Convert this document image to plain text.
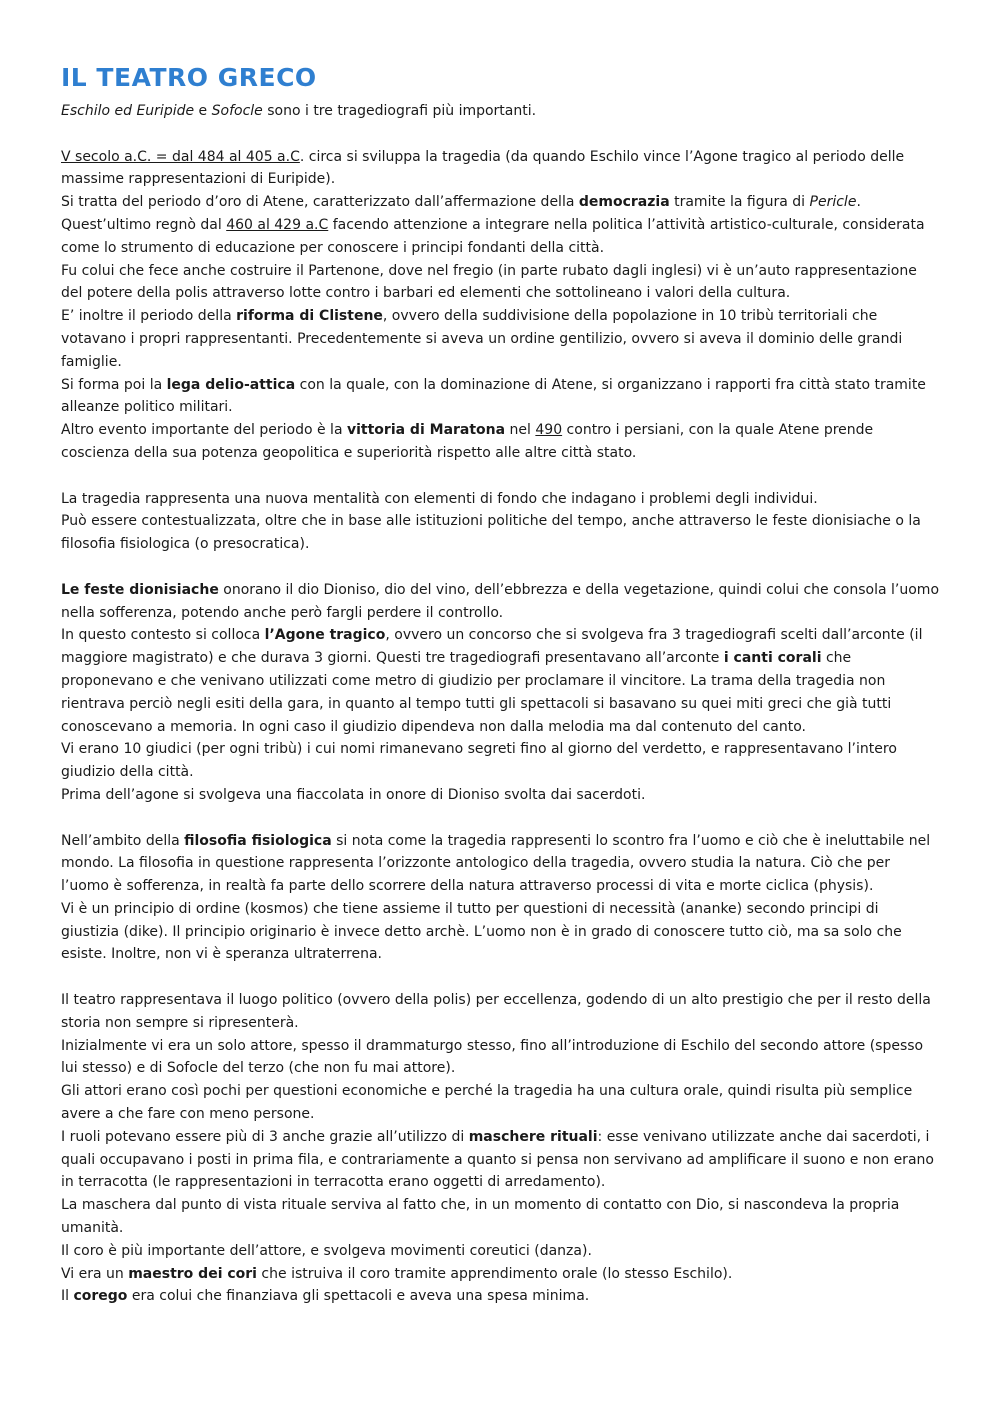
IL TEATRO GRECO

Eschilo ed Euripide e Sofocle sono i tre tragediografi più importanti.

V secolo a.C. = dal 484 al 405 a.C. circa si sviluppa la tragedia (da quando Eschilo vince l’Agone tragico al periodo delle massime rappresentazioni di Euripide).

Si tratta del periodo d’oro di Atene, caratterizzato dall’affermazione della democrazia tramite la figura di Pericle.

Quest’ultimo regnò dal 460 al 429 a.C facendo attenzione a integrare nella politica l’attività artistico-culturale, considerata come lo strumento di educazione per conoscere i principi fondanti della città.

Fu colui che fece anche costruire il Partenone, dove nel fregio (in parte rubato dagli inglesi) vi è un’auto rappresentazione del potere della polis attraverso lotte contro i barbari ed elementi che sottolineano i valori della cultura.

E’ inoltre il periodo della riforma di Clistene, ovvero della suddivisione della popolazione in 10 tribù territoriali che votavano i propri rappresentanti. Precedentemente si aveva un ordine gentilizio, ovvero si aveva il dominio delle grandi famiglie.

Si forma poi la lega delio-attica con la quale, con la dominazione di Atene, si organizzano i rapporti fra città stato tramite alleanze politico militari.

Altro evento importante del periodo è la vittoria di Maratona nel 490 contro i persiani, con la quale Atene prende coscienza della sua potenza geopolitica e superiorità rispetto alle altre città stato.

La tragedia rappresenta una nuova mentalità con elementi di fondo che indagano i problemi degli individui.

Può essere contestualizzata, oltre che in base alle istituzioni politiche del tempo, anche attraverso le feste dionisiache o la filosofia fisiologica (o presocratica).

Le feste dionisiache onorano il dio Dioniso, dio del vino, dell’ebbrezza e della vegetazione, quindi colui che consola l’uomo nella sofferenza, potendo anche però fargli perdere il controllo.

In questo contesto si colloca l’Agone tragico, ovvero un concorso che si svolgeva fra 3 tragediografi scelti dall’arconte (il maggiore magistrato) e che durava 3 giorni. Questi tre tragediografi presentavano all’arconte i canti corali che proponevano e che venivano utilizzati come metro di giudizio per proclamare il vincitore. La trama della tragedia non rientrava perciò negli esiti della gara, in quanto al tempo tutti gli spettacoli si basavano su quei miti greci che già tutti conoscevano a memoria. In ogni caso il giudizio dipendeva non dalla melodia ma dal contenuto del canto.

Vi erano 10 giudici (per ogni tribù) i cui nomi rimanevano segreti fino al giorno del verdetto, e rappresentavano l’intero giudizio della città.

Prima dell’agone si svolgeva una fiaccolata in onore di Dioniso svolta dai sacerdoti.

Nell’ambito della filosofia fisiologica si nota come la tragedia rappresenti lo scontro fra l’uomo e ciò che è ineluttabile nel mondo. La filosofia in questione rappresenta l’orizzonte antologico della tragedia, ovvero studia la natura. Ciò che per l’uomo è sofferenza, in realtà fa parte dello scorrere della natura attraverso processi di vita e morte ciclica (physis).

Vi è un principio di ordine (kosmos) che tiene assieme il tutto per questioni di necessità (ananke) secondo principi di giustizia (dike). Il principio originario è invece detto archè. L’uomo non è in grado di conoscere tutto ciò, ma sa solo che esiste. Inoltre, non vi è speranza ultraterrena.

Il teatro rappresentava il luogo politico (ovvero della polis) per eccellenza, godendo di un alto prestigio che per il resto della storia non sempre si ripresenterà.

Inizialmente vi era un solo attore, spesso il drammaturgo stesso, fino all’introduzione di Eschilo del secondo attore (spesso lui stesso) e di Sofocle del terzo (che non fu mai attore).

Gli attori erano così pochi per questioni economiche e perché la tragedia ha una cultura orale, quindi risulta più semplice avere a che fare con meno persone.

I ruoli potevano essere più di 3 anche grazie all’utilizzo di maschere rituali: esse venivano utilizzate anche dai sacerdoti, i quali occupavano i posti in prima fila, e contrariamente a quanto si pensa non servivano ad amplificare il suono e non erano in terracotta (le rappresentazioni in terracotta erano oggetti di arredamento).

La maschera dal punto di vista rituale serviva al fatto che, in un momento di contatto con Dio, si nascondeva la propria umanità.

Il coro è più importante dell’attore, e svolgeva movimenti coreutici (danza).

Vi era un maestro dei cori che istruiva il coro tramite apprendimento orale (lo stesso Eschilo).

Il corego era colui che finanziava gli spettacoli e aveva una spesa minima.
